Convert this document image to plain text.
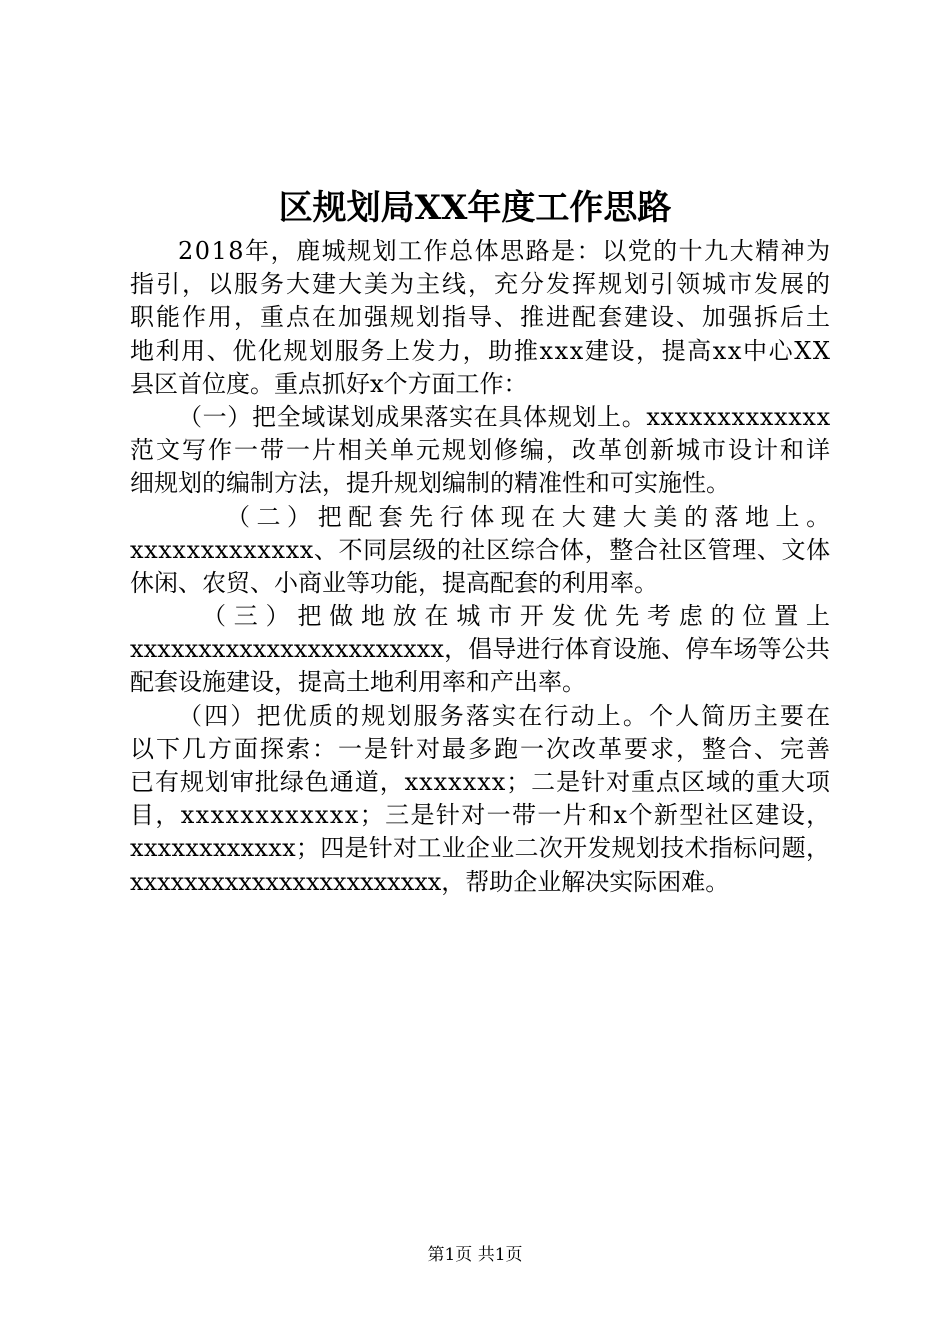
区规划局XX年度工作思路
2018年，鹿城规划工作总体思路是：以党的十九大精神为
指引，以服务大建大美为主线，充分发挥规划引领城市发展的
职能作用，重点在加强规划指导、推进配套建设、加强拆后土
地利用、优化规划服务上发力，助推xxx建设，提高xx中心XX
县区首位度。重点抓好x个方面工作：
（一）把全域谋划成果落实在具体规划上。xxxxxxxxxxxxx
范文写作一带一片相关单元规划修编，改革创新城市设计和详
细规划的编制方法，提升规划编制的精准性和可实施性。
（二）把配套先行体现在大建大美的落地上。
xxxxxxxxxxxxx、不同层级的社区综合体，整合社区管理、文体
休闲、农贸、小商业等功能，提高配套的利用率。
（三）把做地放在城市开发优先考虑的位置上
xxxxxxxxxxxxxxxxxxxxxxx，倡导进行体育设施、停车场等公共
配套设施建设，提高土地利用率和产出率。
（四）把优质的规划服务落实在行动上。个人简历主要在
以下几方面探索：一是针对最多跑一次改革要求，整合、完善
已有规划审批绿色通道，xxxxxxx；二是针对重点区域的重大项
目，xxxxxxxxxxxx；三是针对一带一片和x个新型社区建设，
xxxxxxxxxxxx；四是针对工业企业二次开发规划技术指标问题，
xxxxxxxxxxxxxxxxxxxxxxx，帮助企业解决实际困难。
第1页 共1页
